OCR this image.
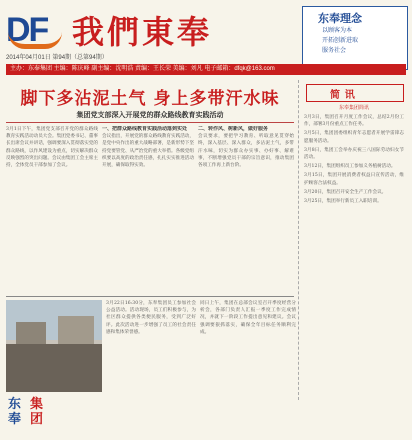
DF 我們東奉
2014年04月01日 第94期（总第94期）
东奉理念
以顾客为本
开拓创新进取
服务社会
主办：东奉集团 主编：陈庆峰 副主编：沈明浩 责编：王长荣 美编：刘凡 电子邮箱：dfqk@163.com
脚下多沾泥土气 身上多带汗水味
集团党支部深入开展党的群众路线教育实践活动
3月1日下午，集团党支部召开党的群众路线教育实践活动动员大会。集团党委书记、董事长出席会议并讲话，强调要深入贯彻落实党的群众路线，以作风建设为重点，切实解决群众反映强烈的突出问题。会议由集团工会主席主持，全体党员干部参加了会议。
一、把群众路线教育实践活动落到实处
会议指出，开展党的群众路线教育实践活动，是党中央作出的重大战略部署，是新形势下坚持党要管党、从严治党的重大举措。各级党组织要以高度的政治责任感，扎扎实实推进活动开展，确保取得实效。
二、转作风、树新风，做好服务
会议要求，要把学习教育、听取意见贯穿始终，深入基层、深入群众，多沾泥土气，多带汗水味，切实为群众办实事、办好事、解难事，不断增强党员干部的宗旨意识，推动集团各项工作再上新台阶。
简 讯
东奉集团简讯

3月3日，集团召开月度工作会议，总结2月份工作，部署3月份重点工作任务。

3月5日，集团团委组织青年志愿者开展学雷锋志愿服务活动。

3月8日，集团工会举办庆祝三八国际劳动妇女节活动。

3月12日，集团组织员工参加义务植树活动。

3月15日，集团开展消费者权益日宣传活动，维护顾客合法权益。

3月20日，集团召开安全生产工作会议。

3月25日，集团举行新员工入职培训。

3月22日16:30分，东奉集团员工参加社会公益活动。活动现场，员工们积极参与，为社区群众提供各类便民服务，受到广泛好评。此次活动进一步增强了员工的社会责任感和集体荣誉感。
同日上午，集团在总部会议室召开季度经营分析会，各部门负责人汇报一季度工作完成情况，并就下一阶段工作提出意见和建议。会议强调要狠抓落实，确保全年目标任务顺利完成。
东奉
集团
